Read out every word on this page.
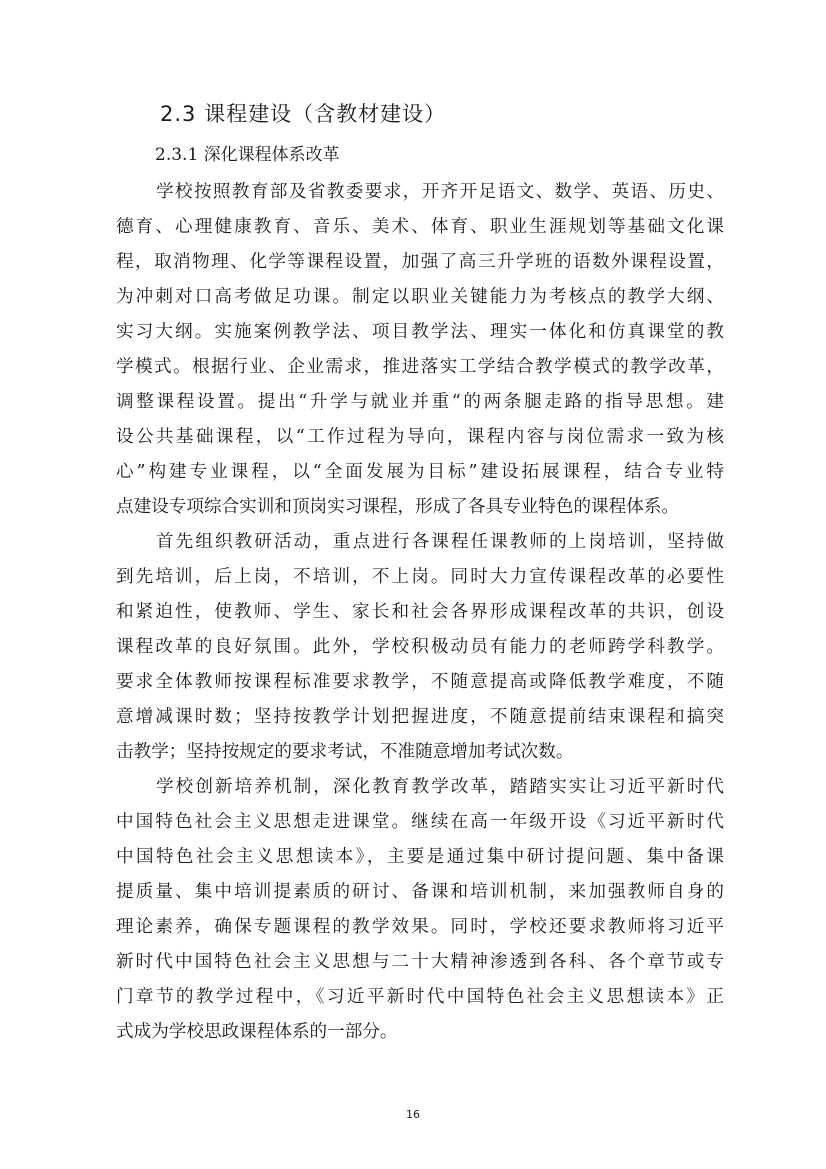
2.3 课程建设（含教材建设）
2.3.1 深化课程体系改革
学校按照教育部及省教委要求，开齐开足语文、数学、英语、历史、
德育、心理健康教育、音乐、美术、体育、职业生涯规划等基础文化课
程，取消物理、化学等课程设置，加强了高三升学班的语数外课程设置，
为冲刺对口高考做足功课。制定以职业关键能力为考核点的教学大纲、
实习大纲。实施案例教学法、项目教学法、理实一体化和仿真课堂的教
学模式。根据行业、企业需求，推进落实工学结合教学模式的教学改革，
调整课程设置。提出“升学与就业并重“的两条腿走路的指导思想。建
设公共基础课程，以“工作过程为导向，课程内容与岗位需求一致为核
心”构建专业课程，以“全面发展为目标”建设拓展课程，结合专业特
点建设专项综合实训和顶岗实习课程，形成了各具专业特色的课程体系。
首先组织教研活动，重点进行各课程任课教师的上岗培训，坚持做
到先培训，后上岗，不培训，不上岗。同时大力宣传课程改革的必要性
和紧迫性，使教师、学生、家长和社会各界形成课程改革的共识，创设
课程改革的良好氛围。此外，学校积极动员有能力的老师跨学科教学。
要求全体教师按课程标准要求教学，不随意提高或降低教学难度，不随
意增减课时数；坚持按教学计划把握进度，不随意提前结束课程和搞突
击教学；坚持按规定的要求考试，不准随意增加考试次数。
学校创新培养机制，深化教育教学改革，踏踏实实让习近平新时代
中国特色社会主义思想走进课堂。继续在高一年级开设《习近平新时代
中国特色社会主义思想读本》，主要是通过集中研讨提问题、集中备课
提质量、集中培训提素质的研讨、备课和培训机制，来加强教师自身的
理论素养，确保专题课程的教学效果。同时，学校还要求教师将习近平
新时代中国特色社会主义思想与二十大精神渗透到各科、各个章节或专
门章节的教学过程中，《习近平新时代中国特色社会主义思想读本》正
式成为学校思政课程体系的一部分。
16
